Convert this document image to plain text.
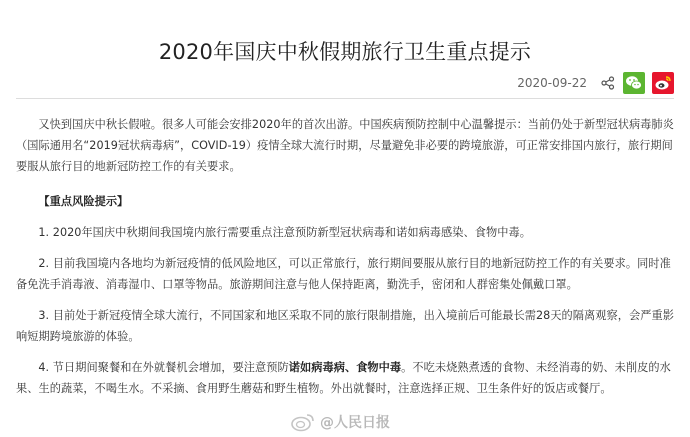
2020年国庆中秋假期旅行卫生重点提示
2020-09-22

又快到国庆中秋长假啦。很多人可能会安排2020年的首次出游。中国疾病预防控制中心温馨提示：当前仍处于新型冠状病毒肺炎（国际通用名“2019冠状病毒病”，COVID-19）疫情全球大流行时期，尽量避免非必要的跨境旅游，可正常安排国内旅行，旅行期间要服从旅行目的地新冠防控工作的有关要求。

【重点风险提示】

1. 2020年国庆中秋期间我国境内旅行需要重点注意预防新型冠状病毒和诺如病毒感染、食物中毒。

2. 目前我国境内各地均为新冠疫情的低风险地区，可以正常旅行，旅行期间要服从旅行目的地新冠防控工作的有关要求。同时准备免洗手消毒液、消毒湿巾、口罩等物品。旅游期间注意与他人保持距离，勤洗手，密闭和人群密集处佩戴口罩。

3. 目前处于新冠疫情全球大流行，不同国家和地区采取不同的旅行限制措施，出入境前后可能最长需28天的隔离观察，会严重影响短期跨境旅游的体验。

4. 节日期间聚餐和在外就餐机会增加，要注意预防诺如病毒病、食物中毒。不吃未烧熟煮透的食物、未经消毒的奶、未削皮的水果、生的蔬菜，不喝生水。不采摘、食用野生蘑菇和野生植物。外出就餐时，注意选择正规、卫生条件好的饭店或餐厅。

@人民日报
